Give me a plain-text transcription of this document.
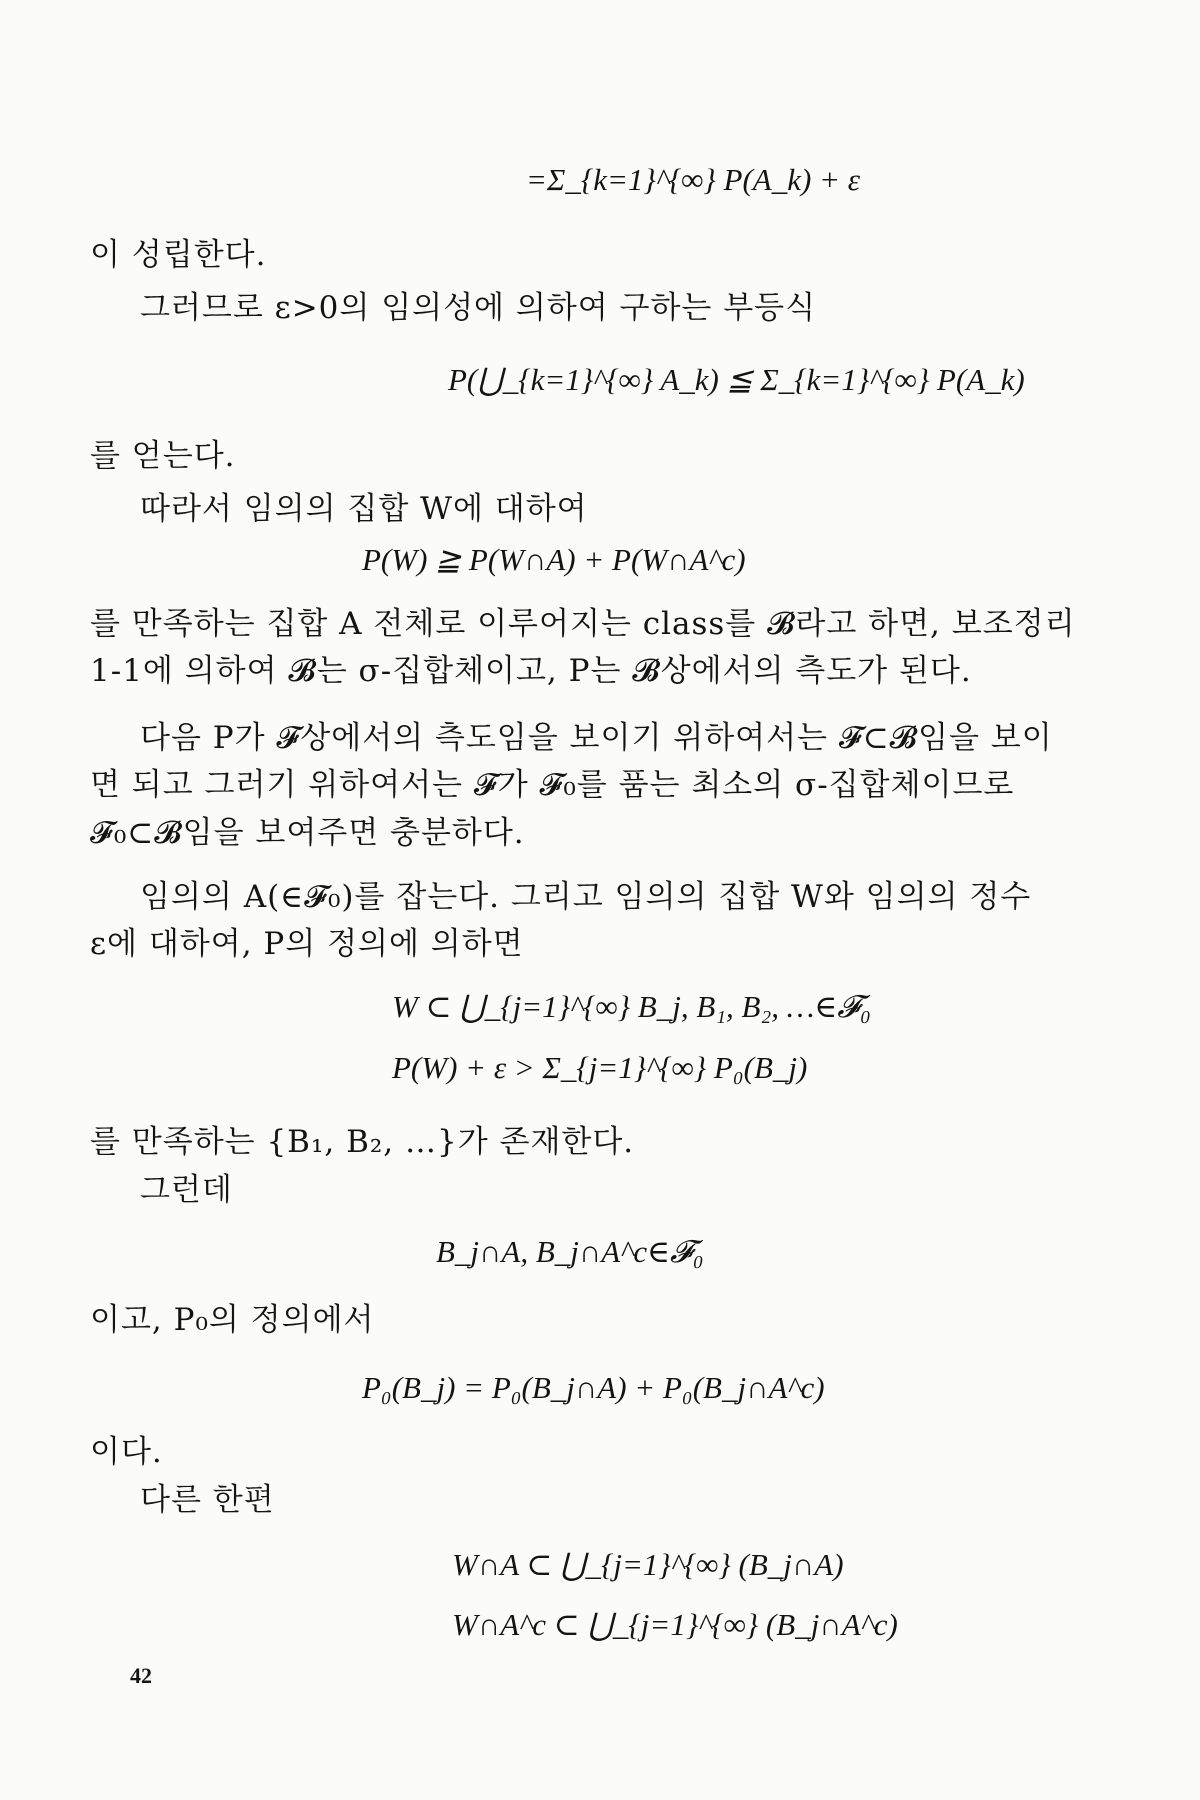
=Σ_{k=1}^{∞} P(A_k) + ε
이 성립한다.
그러므로 ε>0의 임의성에 의하여 구하는 부등식
P(⋃_{k=1}^{∞} A_k) ≦ Σ_{k=1}^{∞} P(A_k)
를 얻는다.
따라서 임의의 집합 W에 대하여
P(W) ≧ P(W∩A) + P(W∩A^c)
를 만족하는 집합 A 전체로 이루어지는 class를 𝓑라고 하면, 보조정리
1-1에 의하여 𝓑는 σ-집합체이고, P는 𝓑상에서의 측도가 된다.
다음 P가 𝓕상에서의 측도임을 보이기 위하여서는 𝓕⊂𝓑임을 보이
면 되고 그러기 위하여서는 𝓕가 𝓕₀를 품는 최소의 σ-집합체이므로
𝓕₀⊂𝓑임을 보여주면 충분하다.
임의의 A(∈𝓕₀)를 잡는다. 그리고 임의의 집합 W와 임의의 정수
ε에 대하여, P의 정의에 의하면
W ⊂ ⋃_{j=1}^{∞} B_j, B₁, B₂, …∈𝓕₀
P(W) + ε > Σ_{j=1}^{∞} P₀(B_j)
를 만족하는 {B₁, B₂, …}가 존재한다.
그런데
B_j∩A, B_j∩A^c∈𝓕₀
이고, P₀의 정의에서
P₀(B_j) = P₀(B_j∩A) + P₀(B_j∩A^c)
이다.
다른 한편
W∩A ⊂ ⋃_{j=1}^{∞} (B_j∩A)
W∩A^c ⊂ ⋃_{j=1}^{∞} (B_j∩A^c)
42
